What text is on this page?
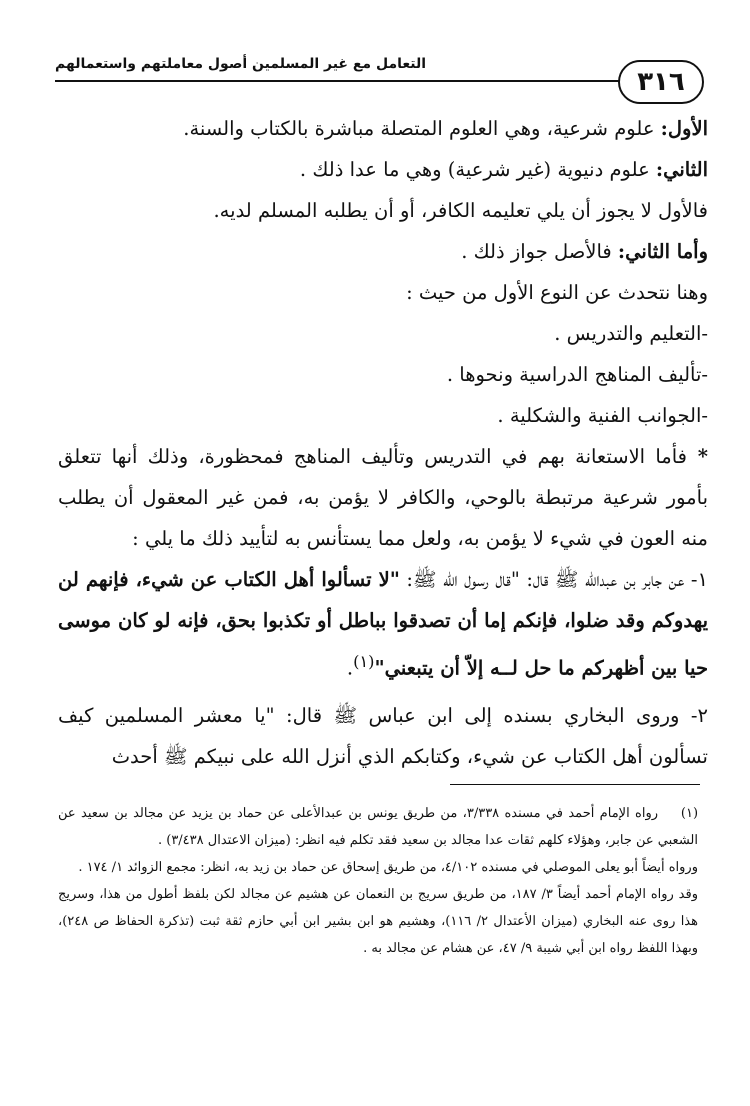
التعامل مع غير المسلمين أصول معاملتهم واستعمالهم
٣١٦

الأول: علوم شرعية، وهي العلوم المتصلة مباشرة بالكتاب والسنة.

الثاني: علوم دنيوية (غير شرعية) وهي ما عدا ذلك .

فالأول لا يجوز أن يلي تعليمه الكافر، أو أن يطلبه المسلم لديه.

وأما الثاني: فالأصل جواز ذلك .

وهنا نتحدث عن النوع الأول من حيث :

-التعليم والتدريس .

-تأليف المناهج الدراسية ونحوها .

-الجوانب الفنية والشكلية .

* فأما الاستعانة بهم في التدريس وتأليف المناهج فمحظورة، وذلك أنها تتعلق بأمور شرعية مرتبطة بالوحي، والكافر لا يؤمن به، فمن غير المعقول أن يطلب منه العون في شيء لا يؤمن به، ولعل مما يستأنس به لتأييد ذلك ما يلي :

١- عن جابر بن عبدالله ﷺ قال: "قال رسول الله ﷺ: "لا تسألوا أهل الكتاب عن شيء، فإنهم لن يهدوكم وقد ضلوا، فإنكم إما أن تصدقوا بباطل أو تكذبوا بحق، فإنه لو كان موسى حيا بين أظهركم ما حل لــه إلاّ أن يتبعني"$^{(١)}$.

٢- وروى البخاري بسنده إلى ابن عباس ﷺ قال: "يا معشر المسلمين كيف تسألون أهل الكتاب عن شيء، وكتابكم الذي أنزل الله على نبيكم ﷺ أحدث

(١)رواه الإمام أحمد في مسنده ٣/٣٣٨، من طريق يونس بن عبدالأعلى عن حماد بن يزيد عن مجالد بن سعيد عن الشعبي عن جابر، وهؤلاء كلهم ثقات عدا مجالد بن سعيد فقد تكلم فيه انظر: (ميزان الاعتدال ٣/٤٣٨) .

ورواه أيضاً أبو يعلى الموصلي في مسنده ٤/١٠٢، من طريق إسحاق عن حماد بن زيد به، انظر: مجمع الزوائد ١/ ١٧٤ .

وقد رواه الإمام أحمد أيضاً ٣/ ١٨٧، من طريق سريج بن النعمان عن هشيم عن مجالد لكن بلفظ أطول من هذا، وسريج هذا روى عنه البخاري (ميزان الأعتدال ٢/ ١١٦)، وهشيم هو ابن بشير ابن أبي حازم ثقة ثبت (تذكرة الحفاظ ص ٢٤٨)، وبهذا اللفظ رواه ابن أبي شيبة ٩/ ٤٧، عن هشام عن مجالد به .
